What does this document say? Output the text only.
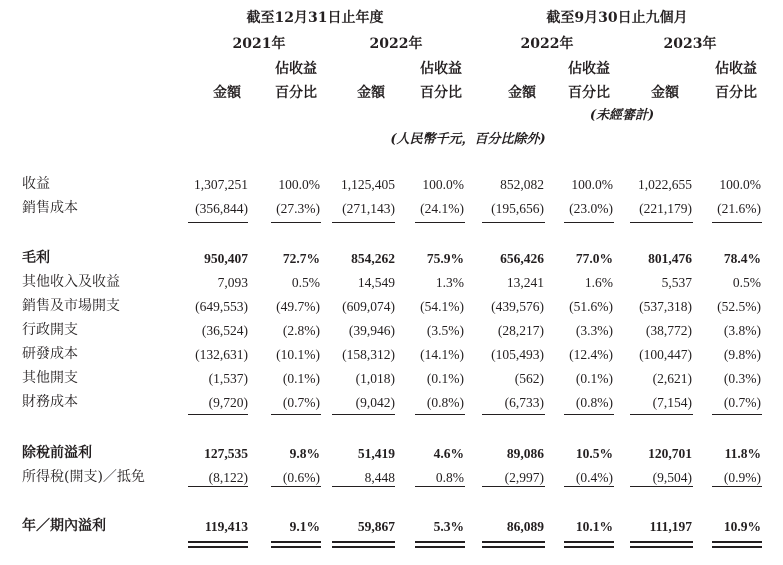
截至12月31日止年度	截至9月30日止九個月
2021年	2022年	2022年	2023年
佔收益	佔收益	佔收益	佔收益
金額 百分比	金額	百分比	金額 百分比	金額	百分比
(未經審計)
(人民幣千元，百分比除外)
收益	1,307,251 100.0% 1,125,405 100.0%	852,082 100.0% 1,022,655 100.0%
銷售成本	(356,844) (27.3%) (271,143) (24.1%) (195,656) (23.0%) (221,179) (21.6%)
毛利	950,407	72.7% 854,262 75.9%	656,426 77.0%	801,476 78.4%
其他收入及收益	7,093	0.5%	14,549	1.3%	13,241	1.6%	5,537	0.5%
銷售及市場開支	(649,553) (49.7%) (609,074) (54.1%) (439,576) (51.6%) (537,318) (52.5%)
行政開支	(36,524)	(2.8%) (39,946) (3.5%)	(28,217) (3.3%) (38,772) (3.8%)
研發成本	(132,631) (10.1%) (158,312) (14.1%) (105,493) (12.4%) (100,447) (9.8%)
其他開支	(1,537)	(0.1%)	(1,018) (0.1%)	(562) (0.1%)	(2,621) (0.3%)
財務成本	(9,720)	(0.7%)	(9,042) (0.8%)	(6,733) (0.8%)	(7,154) (0.7%)
除稅前溢利	127,535	9.8%	51,419	4.6%	89,086 10.5%	120,701 11.8%
所得稅(開支)／抵免	(8,122)	(0.6%)	8,448	0.8%	(2,997) (0.4%)	(9,504) (0.9%)
年／期內溢利	119,413	9.1%	59,867	5.3%	86,089 10.1%	111,197 10.9%
